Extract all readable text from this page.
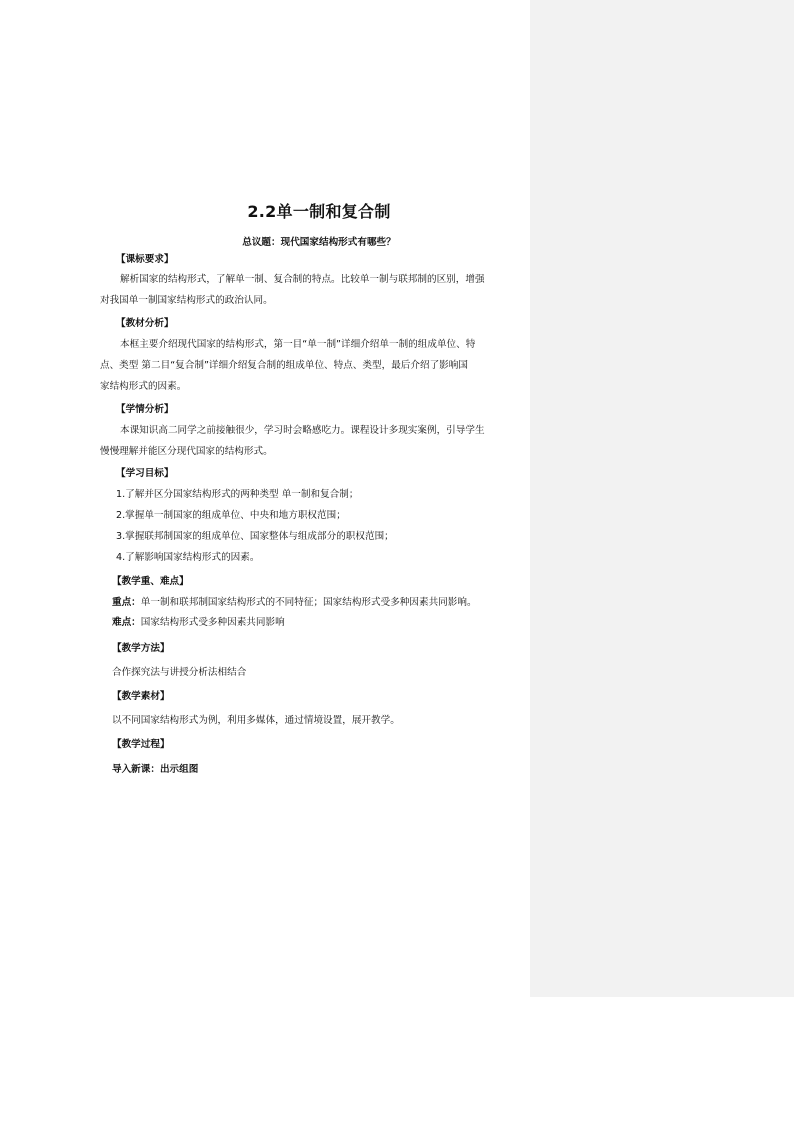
2.2单一制和复合制
总议题：现代国家结构形式有哪些？
【课标要求】
解析国家的结构形式，了解单一制、复合制的特点。比较单一制与联邦制的区别，增强
对我国单一制国家结构形式的政治认同。
【教材分析】
本框主要介绍现代国家的结构形式，第一目“单一制”详细介绍单一制的组成单位、特
点、类型 第二目“复合制”详细介绍复合制的组成单位、特点、类型，最后介绍了影响国
家结构形式的因素。
【学情分析】
本课知识高二同学之前接触很少，学习时会略感吃力。课程设计多现实案例，引导学生
慢慢理解并能区分现代国家的结构形式。
【学习目标】
1.了解并区分国家结构形式的两种类型 单一制和复合制；
2.掌握单一制国家的组成单位、中央和地方职权范围；
3.掌握联邦制国家的组成单位、国家整体与组成部分的职权范围；
4.了解影响国家结构形式的因素。
【教学重、难点】
重点：单一制和联邦制国家结构形式的不同特征；国家结构形式受多种因素共同影响。
难点：国家结构形式受多种因素共同影响
【教学方法】
合作探究法与讲授分析法相结合
【教学素材】
以不同国家结构形式为例，利用多媒体，通过情境设置，展开教学。
【教学过程】
导入新课：出示组图
